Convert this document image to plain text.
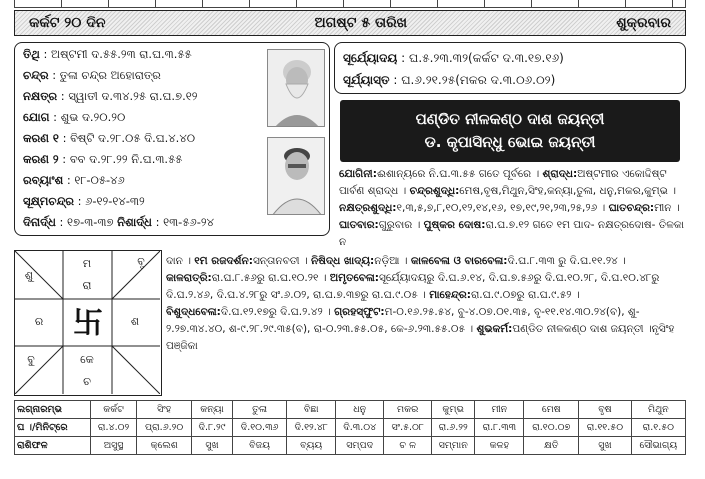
କର୍କଟ ୨୦ ଦିନ	ଅଗଷ୍ଟ ୫ ତାରିଖ	ଶୁକ୍ରବାର
ତିଥି : ଅଷ୍ଟମୀ ଦ.୫୫.୨୩ ରା.ଘ.୩.୫୫
ଚନ୍ଦ୍ର : ତୁଳା ଚନ୍ଦ୍ର ଅହୋରାତ୍ର
ନକ୍ଷତ୍ର : ସ୍ୱାତୀ ଦ.୩୪.୨୫ ରା.ଘ.୭.୧୨
ଯୋଗ : ଶୁଭ ଦ.୨୦.୨୦
କରଣ ୧ : ବିଷ୍ଟି ଦ.୨୮.୦୫ ଦି.ଘ.୪.୪୦
କରଣ ୨ : ବବ ଦ.୨୮.୨୨ ନି.ଘ.୩.୫୫
ରବ୍ୟାଂଶ : ୧୮-୦୫-୪୬
ସୂକ୍ଷ୍ମଚନ୍ଦ୍ର : ୬-୧୨-୧୪-୩୨
ଦିନାର୍ଦ୍ଧ : ୧୭-୩-୩୭ ନିଶାର୍ଦ୍ଧ : ୧୩-୫୬-୨୪
ସୂର୍ଯ୍ୟୋଦୟ : ଘ.୫.୨୩.୩୨(କର୍କଟ ଦ.୩.୧୭.୧୬)
ସୂର୍ଯ୍ୟାସ୍ତ : ଘ.୬.୨୧.୨୫(ମକର ଦ.୩.୦୬.୦୨)
ପଣ୍ଡିତ ନୀଳକଣ୍ଠ ଦାଶ ଜୟନ୍ତୀ
ଡ. କୃପାସିନ୍ଧୁ ଭୋଇ ଜୟନ୍ତୀ
ଯୋଗିନୀ:ଈଶାନ୍ୟରେ ନି.ଘ.୩.୫୫ ଗତେ ପୂର୍ବରେ । ଶ୍ରାଦ୍ଧ:ଅଷ୍ଟମୀର ଏକୋଦ୍ଦିଷ୍ଟ ପାର୍ବଣ ଶ୍ରାଦ୍ଧ । ଚନ୍ଦ୍ରଶୁଦ୍ଧି:ମେଷ,ବୃଷ,ମିଥୁନ,ସିଂହ,କନ୍ୟା,ତୁଳା, ଧନୁ,ମକର,କୁମ୍ଭ । ନକ୍ଷତ୍ରଶୁଦ୍ଧି:୧,୩,୫,୭,୮,୧୦,୧୨,୧୪,୧୬, ୧୭,୧୯,୨୧,୨୩,୨୫,୨୬ । ଘାତଚନ୍ଦ୍ର:ମୀନ । ଘାତବାର:ଗୁରୁବାର । ପୁଷ୍କର ଦୋଷ:ରା.ଘ.୭.୧୨ ଗତେ ୧ମ ପାଦ- ନକ୍ଷତ୍ରଦୋଷ- ତିଳକା ନ
ମ
ରା
ଶୁ
ବୃ
ର	ଶ
ବୁ	କେ
ଚ
卐
ଦାନ । ୧ମ ରଜଦର୍ଶନ:ସନ୍ତାନବତୀ । ନିଷିଦ୍ଧ ଖାଦ୍ୟ:ନଡ଼ିଆ । କାଳବେଳା ଓ ବାରବେଳା:ଦି.ଘ.୮.୩୩ ରୁ ଦି.ଘ.୧୧.୨୪ । କାଳରାତ୍ରି:ରା.ଘ.୮.୫୬ରୁ ରା.ଘ.୧୦.୨୧ । ଅମୃତବେଳା:ସୂର୍ଯ୍ୟୋଦୟରୁ ଦି.ଘ.୬.୧୪, ଦି.ଘ.୭.୫୬ରୁ ଦି.ଘ.୧୦.୨୮, ଦି.ଘ.୧୦.୪୮ରୁ ଦି.ଘ.୨.୪୬, ଦି.ଘ.୪.୨୮ରୁ ସଂ.୬.୦୨, ରା.ଘ.୭.୩୭ରୁ ରା.ଘ.୯.୦୫ । ମାହେନ୍ଦ୍ର:ରା.ଘ.୯.୦୭ରୁ ରା.ଘ.୯.୫୨ । ବିଶୁଦ୍ଧବେଳା:ଦି.ଘ.୧୨.୧୭ରୁ ଦି.ଘ.୨.୪୨ । ଗ୍ରହସ୍ଫୁଟ:ମ-୦.୧୬.୨୫.୫୪, ବୁ-୪.୦୭.୦୧.୩୫, ବୃ-୧୧.୧୪.୩୦.୨୪(ବ), ଶୁ- ୨.୨୭.୩୪.୪୦, ଶ-୯.୨୮.୨୯.୩୫(ବ), ରା-୦.୨୩.୫୫.୦୫, କେ-୬.୨୩.୫୫.୦୫ । ଶୁଭକର୍ମ:ପଣ୍ଡିତ ନୀଳକଣ୍ଠ ଦାଶ ଜୟନ୍ତୀ ।ନୃସିଂହ ପଞ୍ଜିକା
ଲଗ୍ନାରମ୍ଭ	କର୍କଟ	ସିଂହ	କନ୍ୟା	ତୁଳା	ବିଛା	ଧନୁ	ମକର	କୁମ୍ଭ	ମୀନ	ମେଷ	ବୃଷ	ମିଥୁନ
ଘ ।/ମିନିଟ୍‌ରେ	ରା.୪.୦୨	ପ୍ରା.୬.୨୦	ଦି.୮.୨୯	ଦି.୧୦.୩୬	ଦି.୧୨.୪୮	ଦି.୩.୦୪	ସଂ.୫.୦୮	ରା.୬.୨୨	ରା.୮.୩୩	ରା.୧୦.୦୭	ରା.୧୧.୫୦	ରା.୧.୫୦
ରାଶିଫଳ	ଅସୁସ୍ଥ	କ୍ଲେଶ	ସୁଖ	ବିଜୟ	ବ୍ୟୟ	ସମ୍ପଦ	ଚ ଳ	ସମ୍ମାନ	କଳହ	କ୍ଷତି	ସୁଖ	ସୌଭାଗ୍ୟ
